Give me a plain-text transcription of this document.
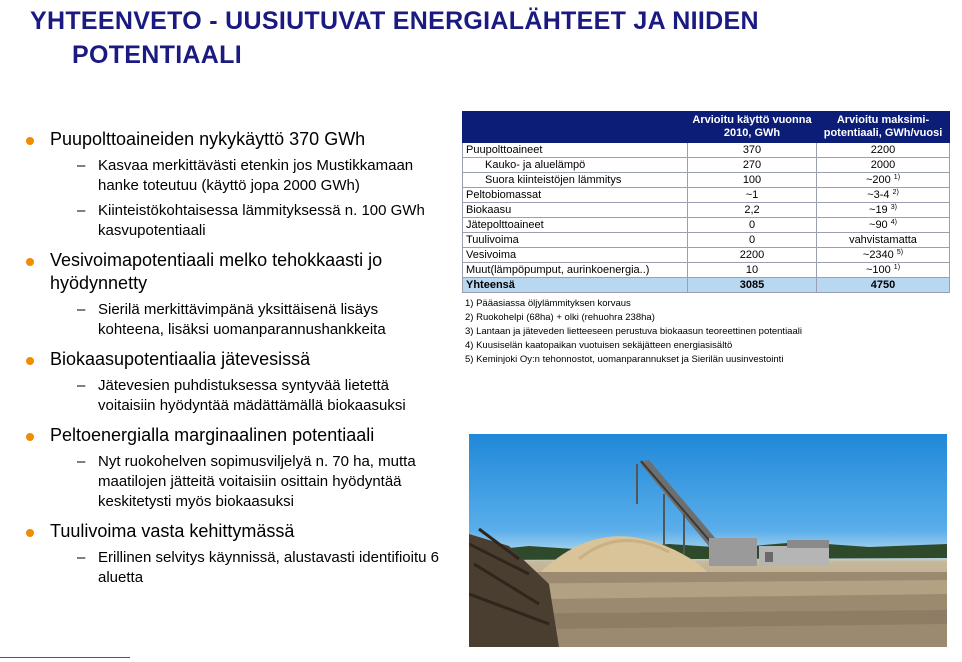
YHTEENVETO - UUSIUTUVAT ENERGIALÄHTEET JA NIIDEN
POTENTIAALI
Puupolttoaineiden nykykäyttö 370 GWh
– Kasvaa merkittävästi etenkin jos Mustikkamaan hanke toteutuu (käyttö jopa 2000 GWh)
– Kiinteistökohtaisessa lämmityksessä n. 100 GWh kasvupotentiaali
Vesivoimapotentiaali melko tehokkaasti jo hyödynnetty
– Sierilä merkittävimpänä yksittäisenä lisäys kohteena, lisäksi uomanparannushankkeita
Biokaasupotentiaalia jätevesissä
– Jätevesien puhdistuksessa syntyvää lietettä voitaisiin hyödyntää mädättämällä biokaasuksi
Peltoenergialla marginaalinen potentiaali
– Nyt ruokohelven sopimusviljelyä n. 70 ha, mutta maatilojen jätteitä voitaisiin osittain hyödyntää keskitetysti myös biokaasuksi
Tuulivoima vasta kehittymässä
– Erillinen selvitys käynnissä, alustavasti identifioitu 6 aluetta
	Arvioitu käyttö vuonna 2010, GWh	Arvioitu maksimi-potentiaali, GWh/vuosi
Puupolttoaineet	370	2200
Kauko- ja aluelämpö	270	2000
Suora kiinteistöjen lämmitys	100	~200 $^{1)}$
Peltobiomassat	~1	~3-4 $^{2)}$
Biokaasu	2,2	~19 $^{3)}$
Jätepolttoaineet	0	~90 $^{4)}$
Tuulivoima	0	vahvistamatta
Vesivoima	2200	~2340 $^{5)}$
Muut(lämpöpumput, aurinkoenergia..)	10	~100 $^{1)}$
Yhteensä	3085	4750
1) Pääasiassa öljylämmityksen korvaus
2) Ruokohelpi (68ha) + olki (rehuohra 238ha)
3) Lantaan ja jäteveden lietteeseen perustuva biokaasun teoreettinen potentiaali
4) Kuusiselän kaatopaikan vuotuisen sekäjätteen energiasisältö
5) Keminjoki Oy:n tehonnostot, uomanparannukset ja Sierilän uusinvestointi
